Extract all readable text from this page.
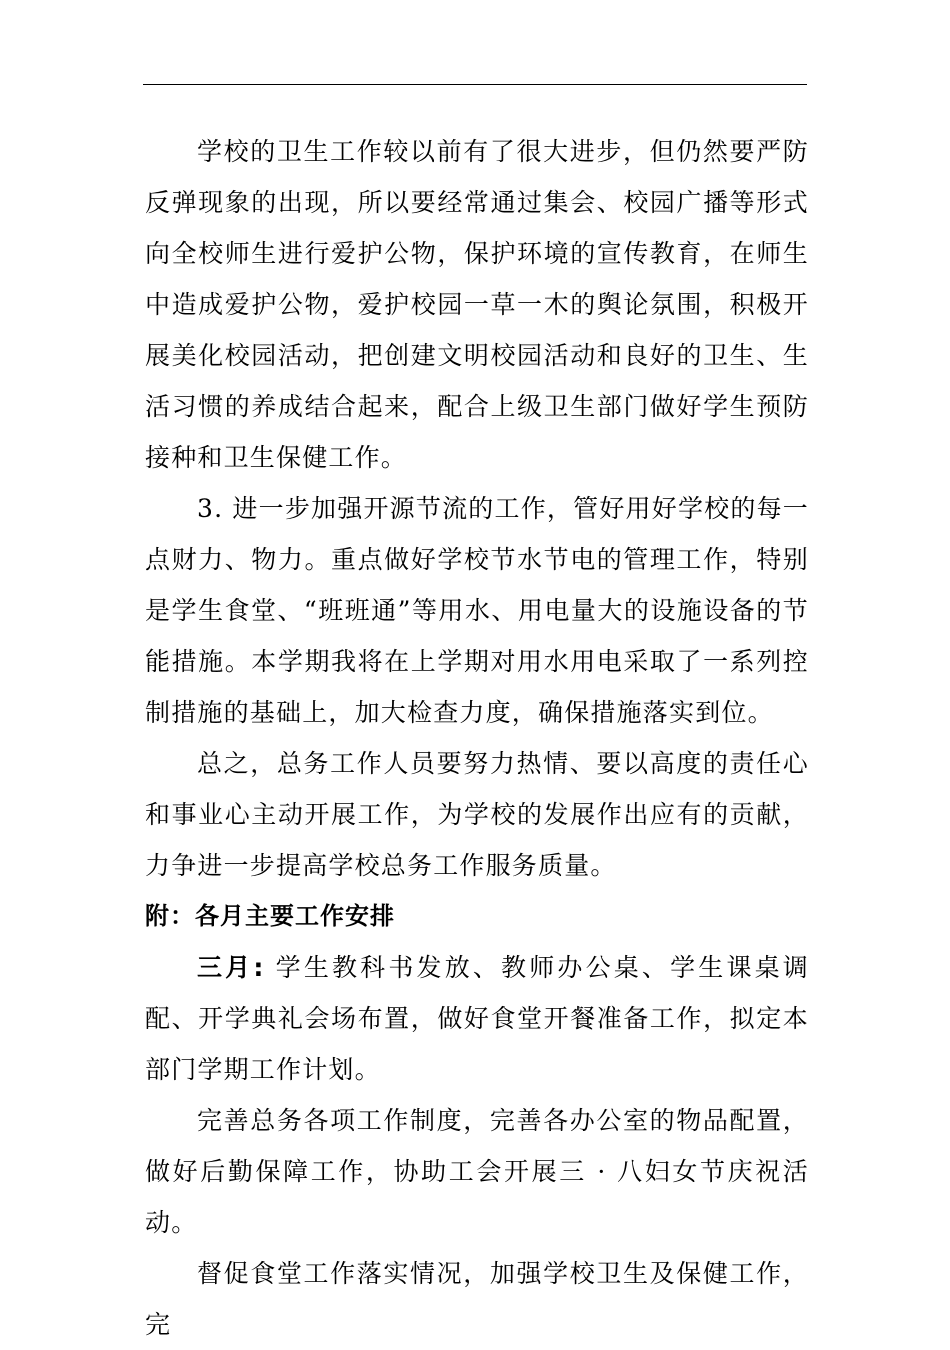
学校的卫生工作较以前有了很大进步，但仍然要严防反弹现象的出现，所以要经常通过集会、校园广播等形式向全校师生进行爱护公物，保护环境的宣传教育，在师生中造成爱护公物，爱护校园一草一木的舆论氛围，积极开展美化校园活动，把创建文明校园活动和良好的卫生、生活习惯的养成结合起来，配合上级卫生部门做好学生预防接种和卫生保健工作。

3. 进一步加强开源节流的工作，管好用好学校的每一点财力、物力。重点做好学校节水节电的管理工作，特别是学生食堂、“班班通”等用水、用电量大的设施设备的节能措施。本学期我将在上学期对用水用电采取了一系列控制措施的基础上，加大检查力度，确保措施落实到位。

总之，总务工作人员要努力热情、要以高度的责任心和事业心主动开展工作，为学校的发展作出应有的贡献，力争进一步提高学校总务工作服务质量。

附：各月主要工作安排

三月: 学生教科书发放、教师办公桌、学生课桌调配、开学典礼会场布置，做好食堂开餐准备工作，拟定本部门学期工作计划。

完善总务各项工作制度，完善各办公室的物品配置，做好后勤保障工作，协助工会开展三 · 八妇女节庆祝活动。

督促食堂工作落实情况，加强学校卫生及保健工作，完
